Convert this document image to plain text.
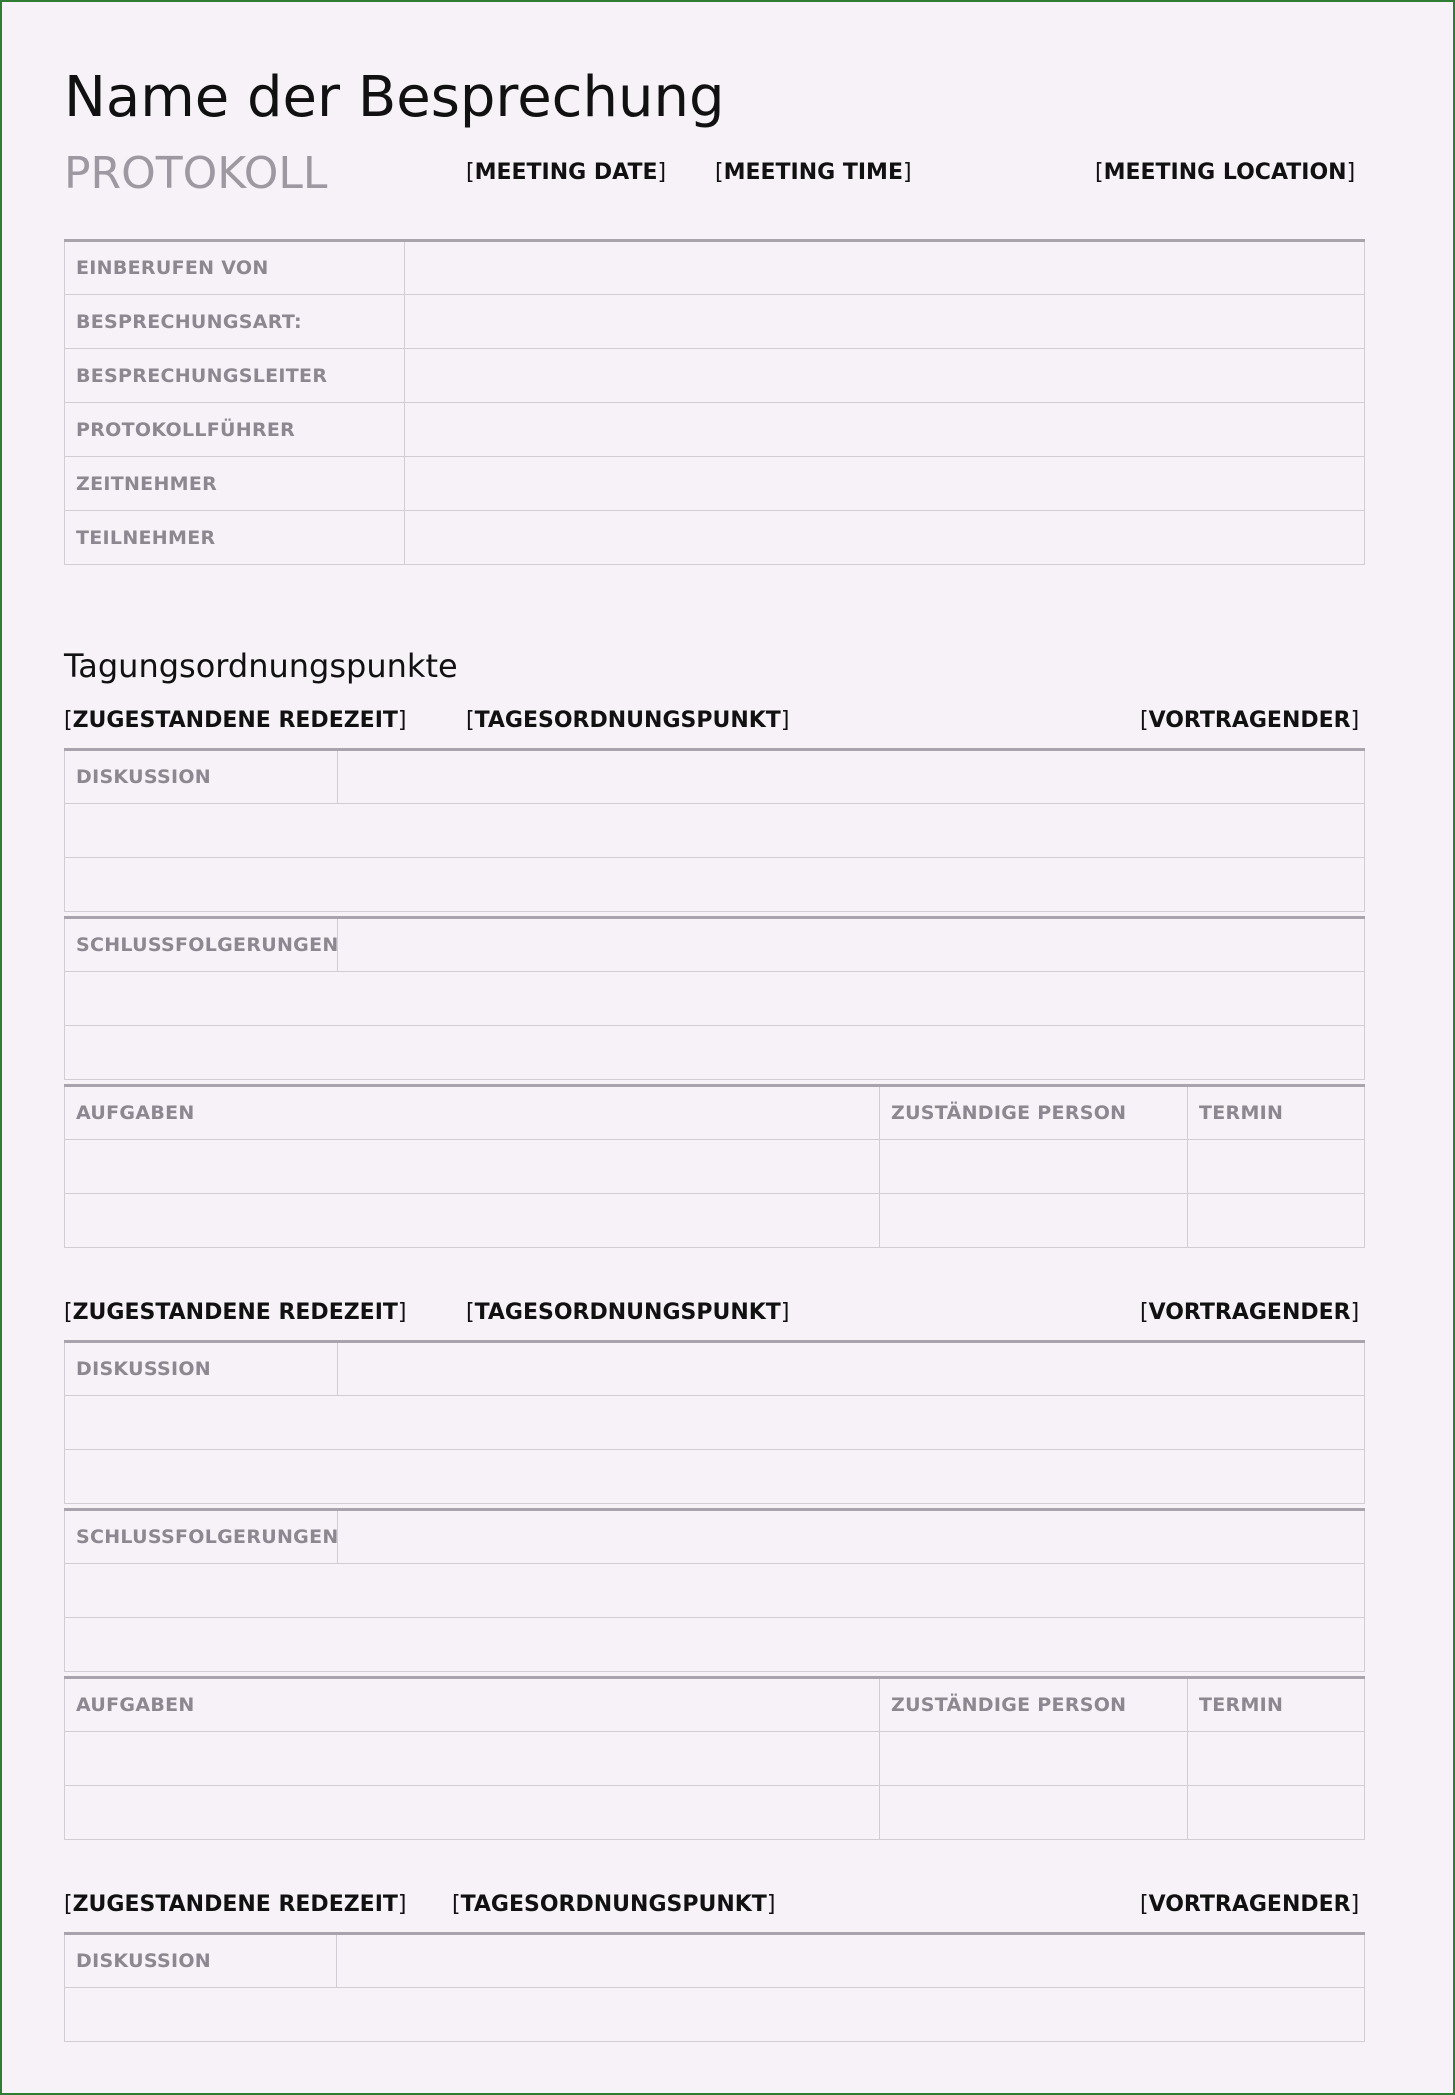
Name der Besprechung
PROTOKOLL	[MEETING DATE] [MEETING TIME]	[MEETING LOCATION]
EINBERUFEN VON	
BESPRECHUNGSART:	
BESPRECHUNGSLEITER	
PROTOKOLLFÜHRER	
ZEITNEHMER	
TEILNEHMER	
Tagungsordnungspunkte
[ZUGESTANDENE REDEZEIT]	[TAGESORDNUNGSPUNKT]	[VORTRAGENDER]
DISKUSSION	

SCHLUSSFOLGERUNGEN	

AUFGABEN	ZUSTÄNDIGE PERSON	TERMIN

[ZUGESTANDENE REDEZEIT]	[TAGESORDNUNGSPUNKT]	[VORTRAGENDER]
DISKUSSION	

SCHLUSSFOLGERUNGEN	

AUFGABEN	ZUSTÄNDIGE PERSON	TERMIN

[ZUGESTANDENE REDEZEIT] [TAGESORDNUNGSPUNKT]	[VORTRAGENDER]
DISKUSSION	
